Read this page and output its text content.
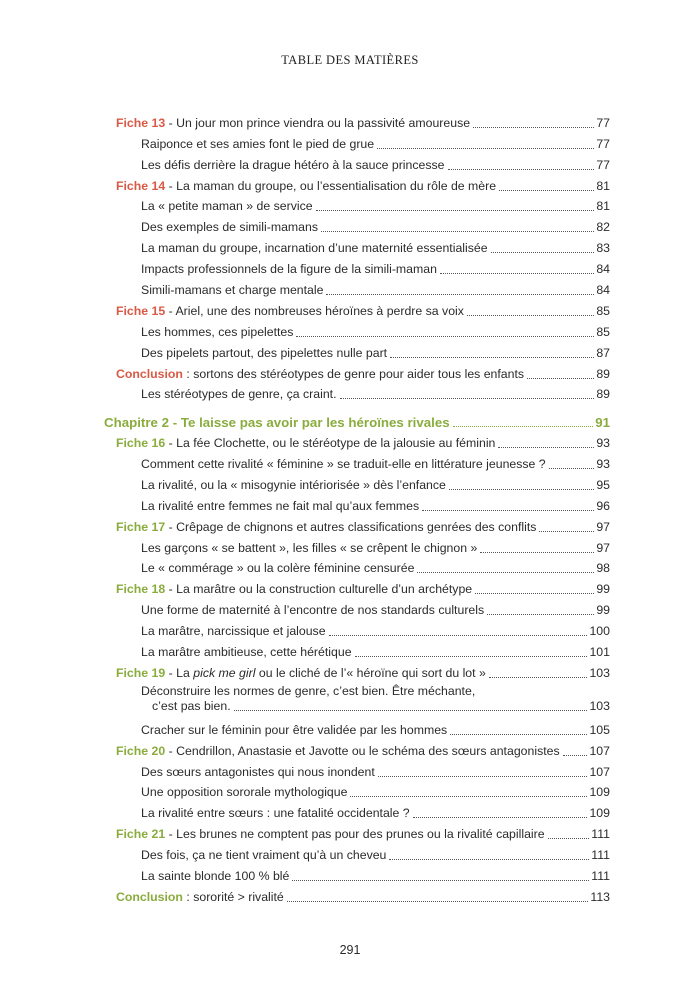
TABLE DES MATIÈRES
Fiche 13 - Un jour mon prince viendra ou la passivité amoureuse	77
Raiponce et ses amies font le pied de grue	77
Les défis derrière la drague hétéro à la sauce princesse	77
Fiche 14 - La maman du groupe, ou l’essentialisation du rôle de mère	81
La « petite maman » de service	81
Des exemples de simili-mamans	82
La maman du groupe, incarnation d’une maternité essentialisée	83
Impacts professionnels de la figure de la simili-maman	84
Simili-mamans et charge mentale	84
Fiche 15 - Ariel, une des nombreuses héroïnes à perdre sa voix	85
Les hommes, ces pipelettes	85
Des pipelets partout, des pipelettes nulle part	87
Conclusion : sortons des stéréotypes de genre pour aider tous les enfants	89
Les stéréotypes de genre, ça craint.	89
Chapitre 2 - Te laisse pas avoir par les héroïnes rivales	91
Fiche 16 - La fée Clochette, ou le stéréotype de la jalousie au féminin	93
Comment cette rivalité « féminine » se traduit-elle en littérature jeunesse ?	93
La rivalité, ou la « misogynie intériorisée » dès l’enfance	95
La rivalité entre femmes ne fait mal qu’aux femmes	96
Fiche 17 - Crêpage de chignons et autres classifications genrées des conflits	97
Les garçons « se battent », les filles « se crêpent le chignon »	97
Le « commérage » ou la colère féminine censurée	98
Fiche 18 - La marâtre ou la construction culturelle d’un archétype	99
Une forme de maternité à l’encontre de nos standards culturels	99
La marâtre, narcissique et jalouse	100
La marâtre ambitieuse, cette hérétique	101
Fiche 19 - La pick me girl ou le cliché de l’« héroïne qui sort du lot »	103
Déconstruire les normes de genre, c’est bien. Être méchante,
c’est pas bien.	103
Cracher sur le féminin pour être validée par les hommes	105
Fiche 20 - Cendrillon, Anastasie et Javotte ou le schéma des sœurs antagonistes 107
Des sœurs antagonistes qui nous inondent	107
Une opposition sororale mythologique	109
La rivalité entre sœurs : une fatalité occidentale ?	109
Fiche 21 - Les brunes ne comptent pas pour des prunes ou la rivalité capillaire	111
Des fois, ça ne tient vraiment qu’à un cheveu	111
La sainte blonde 100 % blé	111
Conclusion : sororité > rivalité	113
291
